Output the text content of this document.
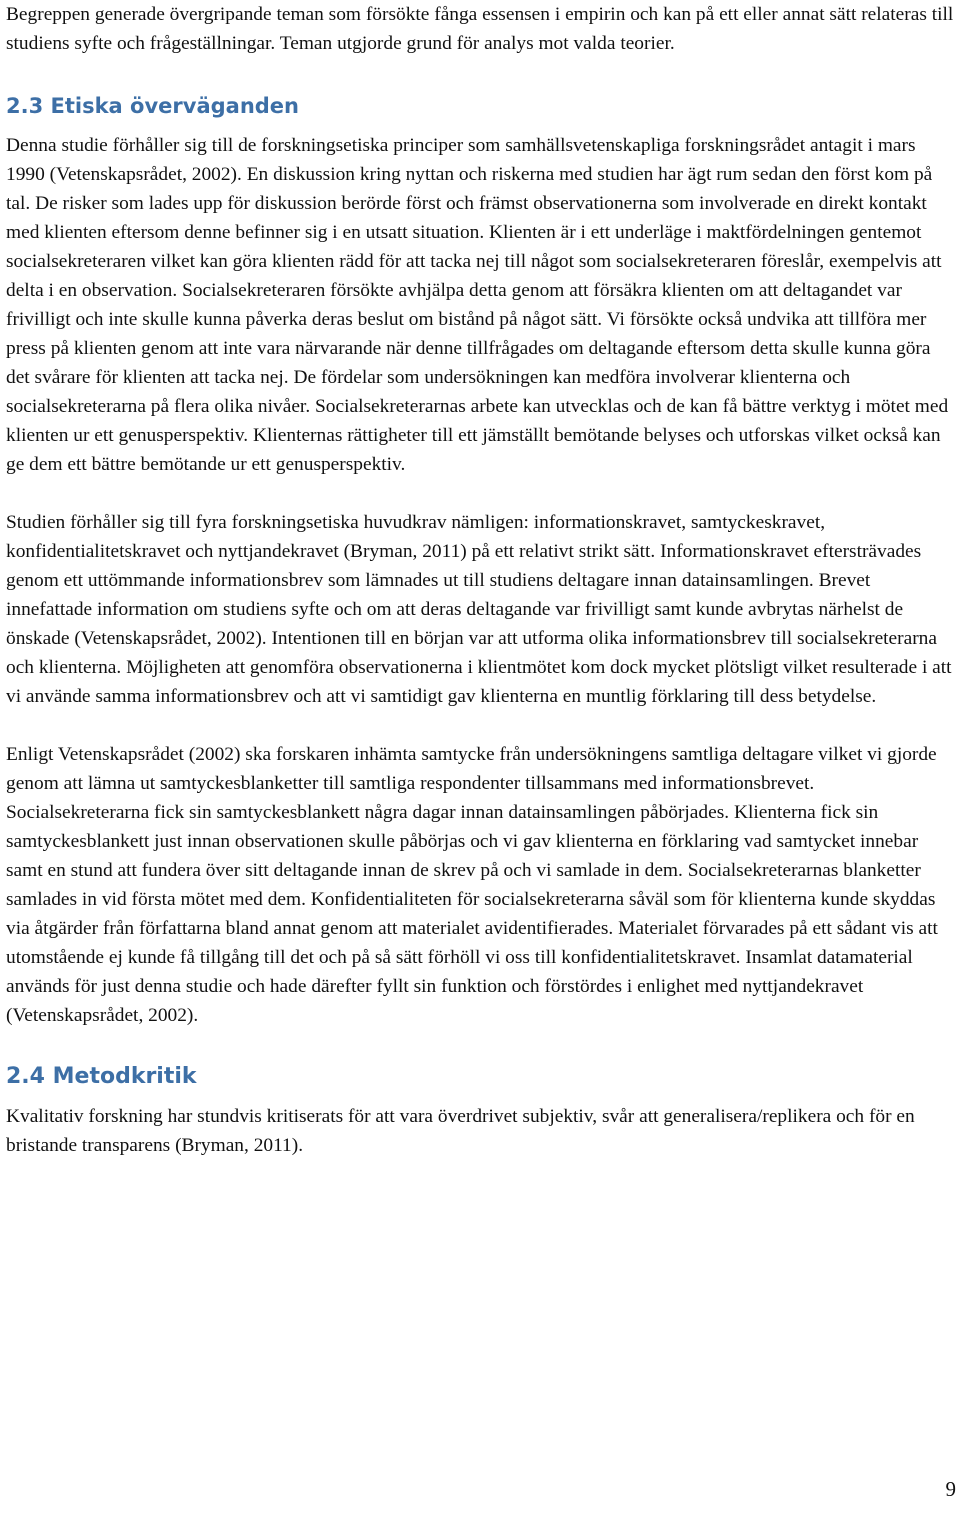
Begreppen generade övergripande teman som försökte fånga essensen i empirin och kan på ett eller annat sätt relateras till studiens syfte och frågeställningar. Teman utgjorde grund för analys mot valda teorier.

2.3 Etiska överväganden

Denna studie förhåller sig till de forskningsetiska principer som samhällsvetenskapliga forskningsrådet antagit i mars 1990 (Vetenskapsrådet, 2002). En diskussion kring nyttan och riskerna med studien har ägt rum sedan den först kom på tal. De risker som lades upp för diskussion berörde först och främst observationerna som involverade en direkt kontakt med klienten eftersom denne befinner sig i en utsatt situation. Klienten är i ett underläge i maktfördelningen gentemot socialsekreteraren vilket kan göra klienten rädd för att tacka nej till något som socialsekreteraren föreslår, exempelvis att delta i en observation. Socialsekreteraren försökte avhjälpa detta genom att försäkra klienten om att deltagandet var frivilligt och inte skulle kunna påverka deras beslut om bistånd på något sätt. Vi försökte också undvika att tillföra mer press på klienten genom att inte vara närvarande när denne tillfrågades om deltagande eftersom detta skulle kunna göra det svårare för klienten att tacka nej. De fördelar som undersökningen kan medföra involverar klienterna och socialsekreterarna på flera olika nivåer. Socialsekreterarnas arbete kan utvecklas och de kan få bättre verktyg i mötet med klienten ur ett genusperspektiv. Klienternas rättigheter till ett jämställt bemötande belyses och utforskas vilket också kan ge dem ett bättre bemötande ur ett genusperspektiv.

Studien förhåller sig till fyra forskningsetiska huvudkrav nämligen: informationskravet, samtyckeskravet, konfidentialitetskravet och nyttjandekravet (Bryman, 2011) på ett relativt strikt sätt. Informationskravet eftersträvades genom ett uttömmande informationsbrev som lämnades ut till studiens deltagare innan datainsamlingen. Brevet innefattade information om studiens syfte och om att deras deltagande var frivilligt samt kunde avbrytas närhelst de önskade (Vetenskapsrådet, 2002). Intentionen till en början var att utforma olika informationsbrev till socialsekreterarna och klienterna. Möjligheten att genomföra observationerna i klientmötet kom dock mycket plötsligt vilket resulterade i att vi använde samma informationsbrev och att vi samtidigt gav klienterna en muntlig förklaring till dess betydelse.

Enligt Vetenskapsrådet (2002) ska forskaren inhämta samtycke från undersökningens samtliga deltagare vilket vi gjorde genom att lämna ut samtyckesblanketter till samtliga respondenter tillsammans med informationsbrevet. Socialsekreterarna fick sin samtyckesblankett några dagar innan datainsamlingen påbörjades. Klienterna fick sin samtyckesblankett just innan observationen skulle påbörjas och vi gav klienterna en förklaring vad samtycket innebar samt en stund att fundera över sitt deltagande innan de skrev på och vi samlade in dem. Socialsekreterarnas blanketter samlades in vid första mötet med dem. Konfidentialiteten för socialsekreterarna såväl som för klienterna kunde skyddas via åtgärder från författarna bland annat genom att materialet avidentifierades. Materialet förvarades på ett sådant vis att utomstående ej kunde få tillgång till det och på så sätt förhöll vi oss till konfidentialitetskravet. Insamlat datamaterial används för just denna studie och hade därefter fyllt sin funktion och förstördes i enlighet med nyttjandekravet (Vetenskapsrådet, 2002).

2.4 Metodkritik

Kvalitativ forskning har stundvis kritiserats för att vara överdrivet subjektiv, svår att generalisera/replikera och för en bristande transparens (Bryman, 2011).

9
